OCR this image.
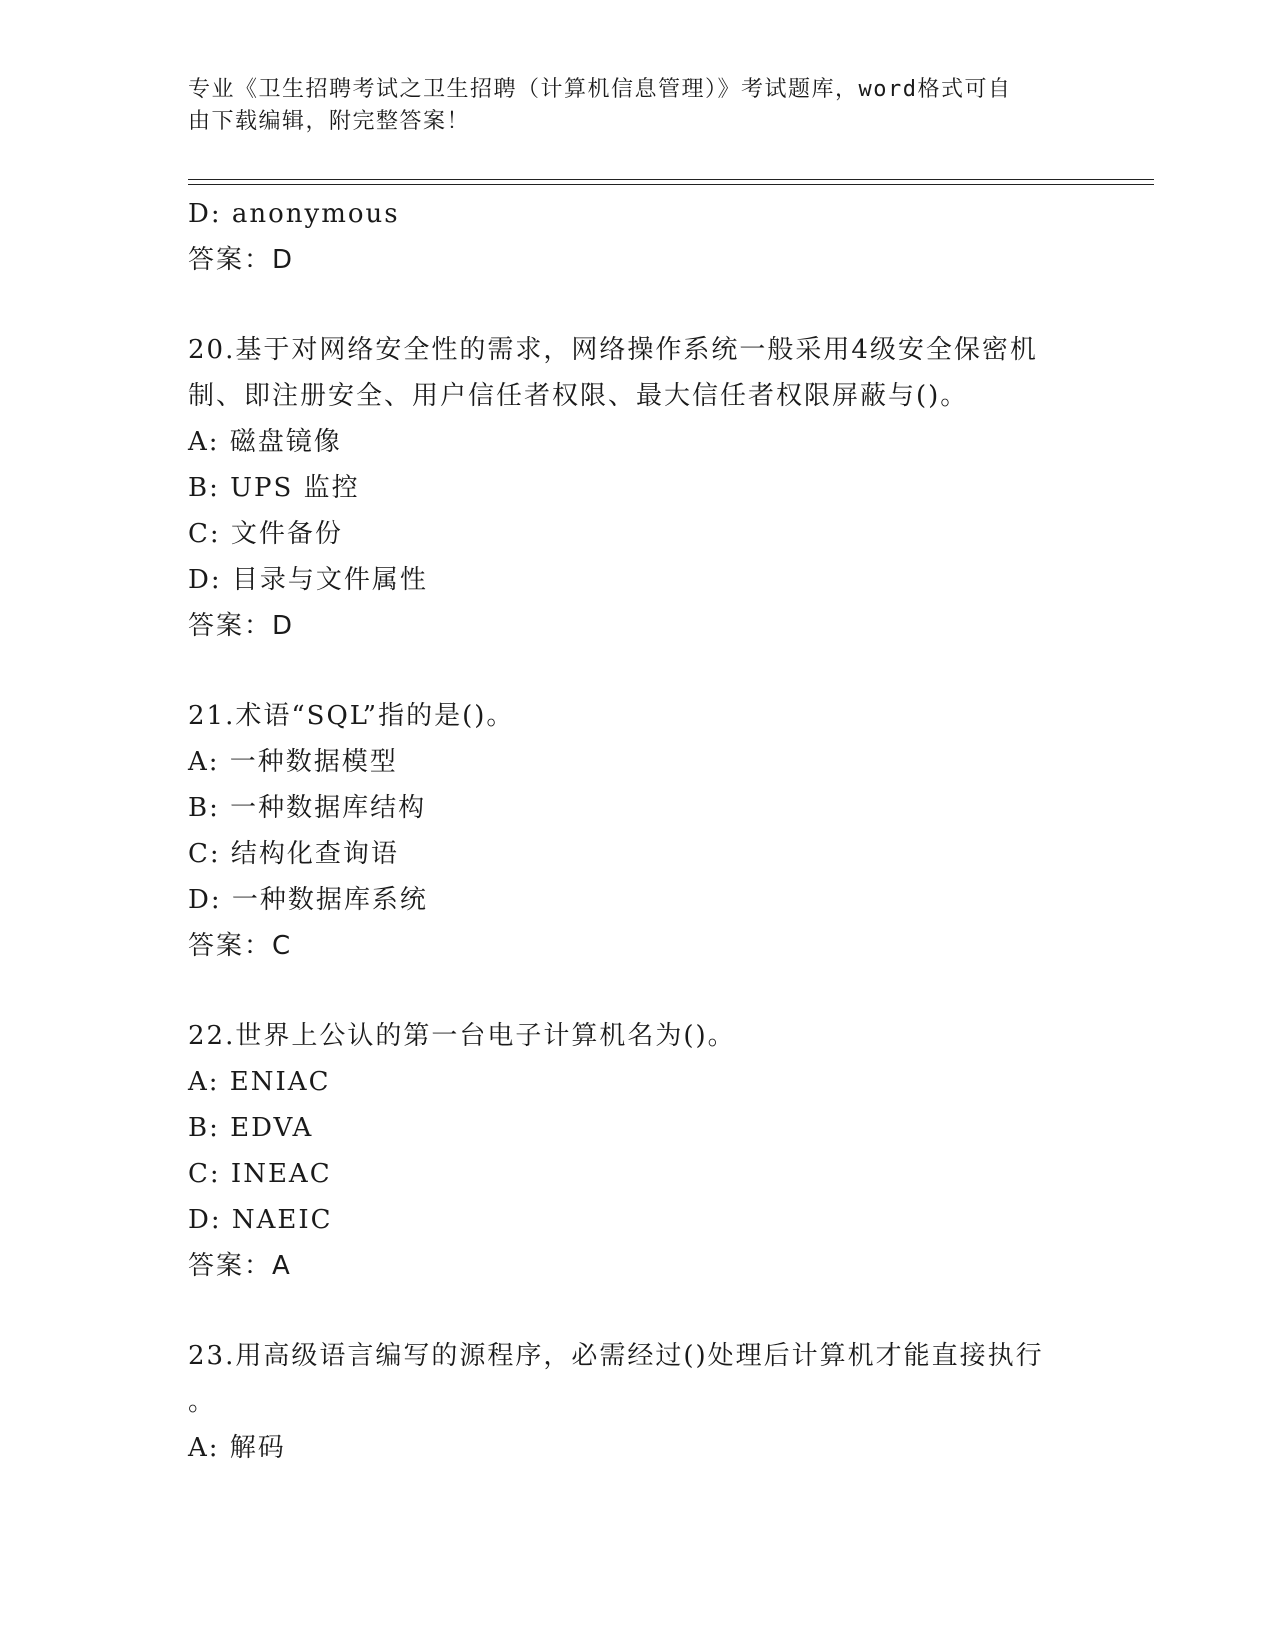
专业《卫生招聘考试之卫生招聘（计算机信息管理）》考试题库，word格式可自
由下载编辑，附完整答案！
D: anonymous
答案：D
20.基于对网络安全性的需求，网络操作系统一般采用4级安全保密机
制、即注册安全、用户信任者权限、最大信任者权限屏蔽与()。
A: 磁盘镜像
B: UPS 监控
C: 文件备份
D: 目录与文件属性
答案：D
21.术语“SQL”指的是()。
A: 一种数据模型
B: 一种数据库结构
C: 结构化查询语
D: 一种数据库系统
答案：C
22.世界上公认的第一台电子计算机名为()。
A: ENIAC
B: EDVA
C: INEAC
D: NAEIC
答案：A
23.用高级语言编写的源程序，必需经过()处理后计算机才能直接执行
。
A: 解码
